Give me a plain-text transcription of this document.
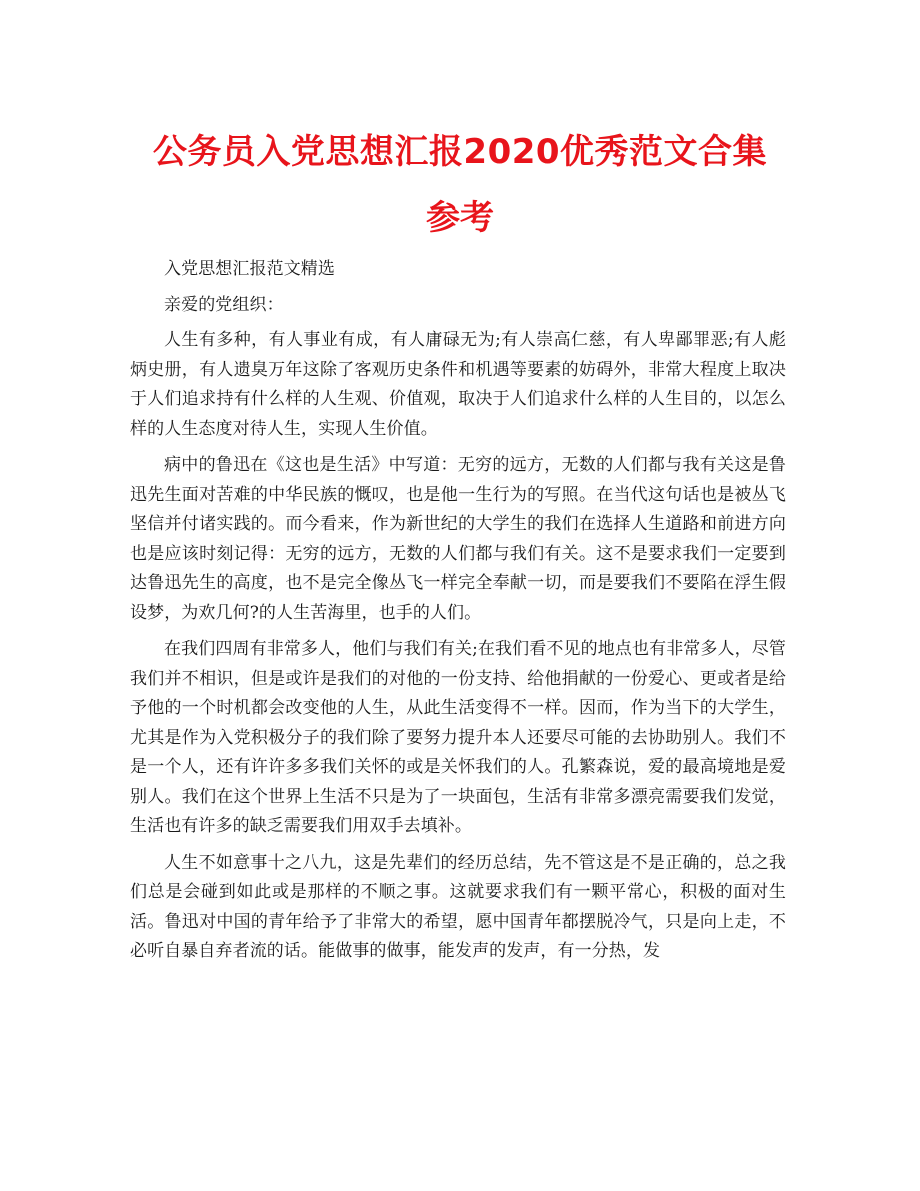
公务员入党思想汇报2020优秀范文合集
参考

入党思想汇报范文精选

亲爱的党组织：

人生有多种，有人事业有成，有人庸碌无为;有人崇高仁慈，有人卑鄙罪恶;有人彪炳史册，有人遗臭万年这除了客观历史条件和机遇等要素的妨碍外，非常大程度上取决于人们追求持有什么样的人生观、价值观，取决于人们追求什么样的人生目的，以怎么样的人生态度对待人生，实现人生价值。

病中的鲁迅在《这也是生活》中写道：无穷的远方，无数的人们都与我有关这是鲁迅先生面对苦难的中华民族的慨叹，也是他一生行为的写照。在当代这句话也是被丛飞坚信并付诸实践的。而今看来，作为新世纪的大学生的我们在选择人生道路和前进方向也是应该时刻记得：无穷的远方，无数的人们都与我们有关。这不是要求我们一定要到达鲁迅先生的高度，也不是完全像丛飞一样完全奉献一切，而是要我们不要陷在浮生假设梦，为欢几何?的人生苦海里，也手的人们。

在我们四周有非常多人，他们与我们有关;在我们看不见的地点也有非常多人，尽管我们并不相识，但是或许是我们的对他的一份支持、给他捐献的一份爱心、更或者是给予他的一个时机都会改变他的人生，从此生活变得不一样。因而，作为当下的大学生，尤其是作为入党积极分子的我们除了要努力提升本人还要尽可能的去协助别人。我们不是一个人，还有许许多多我们关怀的或是关怀我们的人。孔繁森说，爱的最高境地是爱别人。我们在这个世界上生活不只是为了一块面包，生活有非常多漂亮需要我们发觉，生活也有许多的缺乏需要我们用双手去填补。

人生不如意事十之八九，这是先辈们的经历总结，先不管这是不是正确的，总之我们总是会碰到如此或是那样的不顺之事。这就要求我们有一颗平常心，积极的面对生活。鲁迅对中国的青年给予了非常大的希望，愿中国青年都摆脱冷气，只是向上走，不必听自暴自弃者流的话。能做事的做事，能发声的发声，有一分热，发
